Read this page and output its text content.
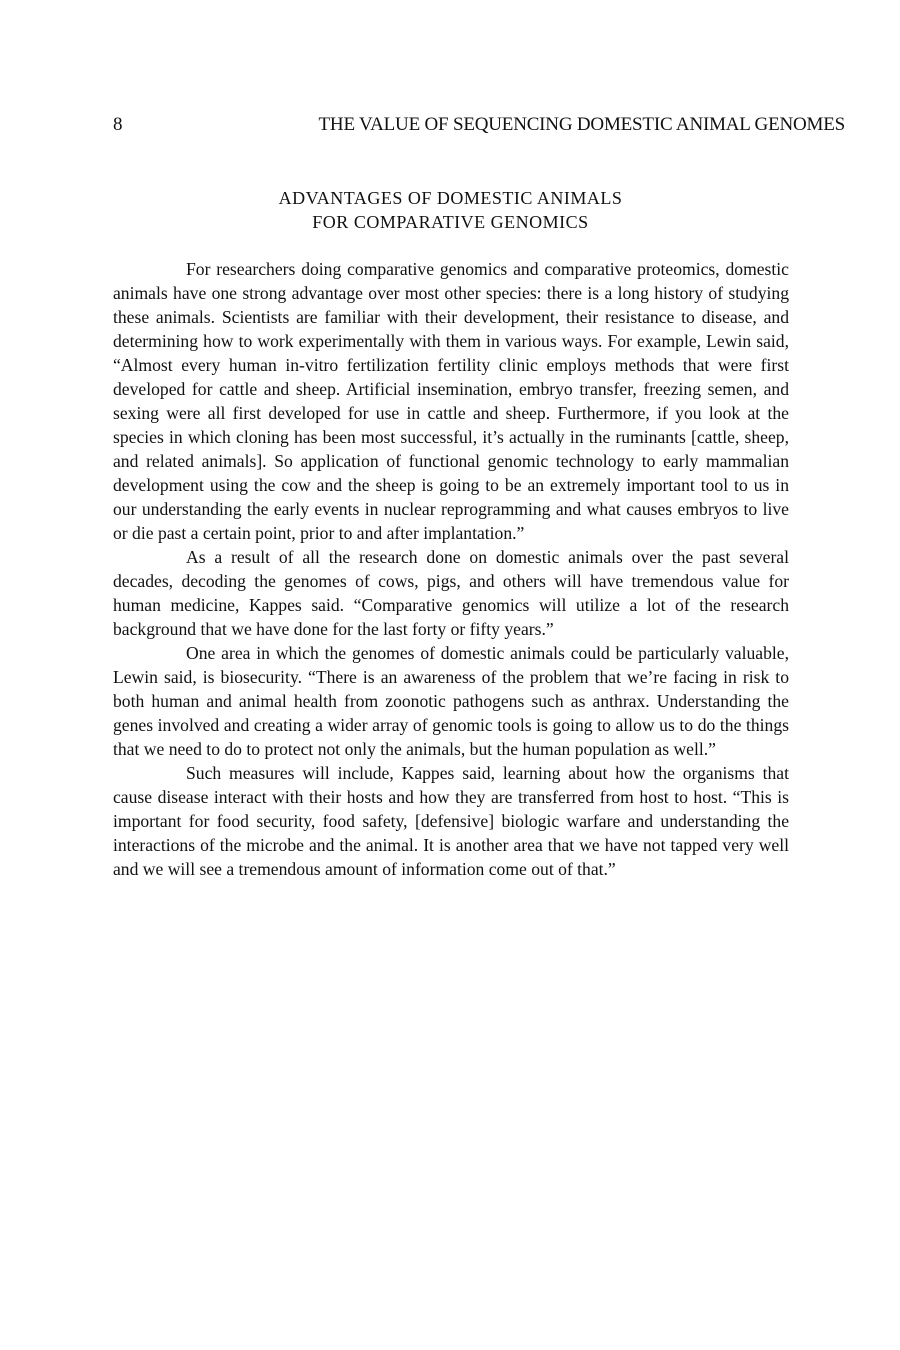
8	THE VALUE OF SEQUENCING DOMESTIC ANIMAL GENOMES
ADVANTAGES OF DOMESTIC ANIMALS
FOR COMPARATIVE GENOMICS

For researchers doing comparative genomics and comparative proteomics, domestic animals have one strong advantage over most other species: there is a long history of studying these animals. Scientists are familiar with their development, their resistance to disease, and determining how to work experimentally with them in various ways. For example, Lewin said, “Almost every human in-vitro fertilization fertility clinic employs methods that were first developed for cattle and sheep. Artificial insemination, embryo transfer, freezing semen, and sexing were all first developed for use in cattle and sheep. Furthermore, if you look at the species in which cloning has been most successful, it’s actually in the ruminants [cattle, sheep, and related animals]. So application of functional genomic technology to early mammalian development using the cow and the sheep is going to be an extremely important tool to us in our understanding the early events in nuclear reprogramming and what causes embryos to live or die past a certain point, prior to and after implantation.”

As a result of all the research done on domestic animals over the past several decades, decoding the genomes of cows, pigs, and others will have tremendous value for human medicine, Kappes said. “Comparative genomics will utilize a lot of the research background that we have done for the last forty or fifty years.”

One area in which the genomes of domestic animals could be particularly valuable, Lewin said, is biosecurity. “There is an awareness of the problem that we’re facing in risk to both human and animal health from zoonotic pathogens such as anthrax. Understanding the genes involved and creating a wider array of genomic tools is going to allow us to do the things that we need to do to protect not only the animals, but the human population as well.”

Such measures will include, Kappes said, learning about how the organisms that cause disease interact with their hosts and how they are transferred from host to host. “This is important for food security, food safety, [defensive] biologic warfare and understanding the interactions of the microbe and the animal. It is another area that we have not tapped very well and we will see a tremendous amount of information come out of that.”
